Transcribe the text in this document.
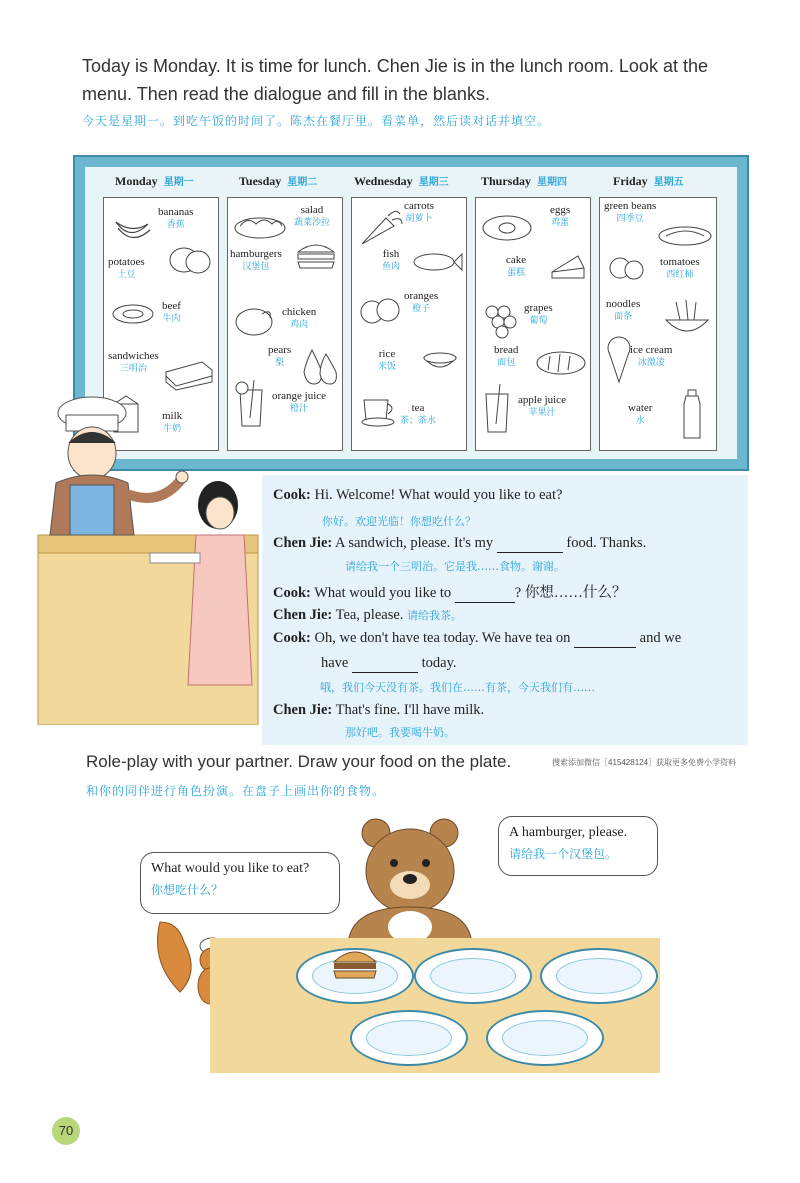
Today is Monday. It is time for lunch. Chen Jie is in the lunch room. Look at the menu. Then read the dialogue and fill in the blanks.
今天是星期一。到吃午饭的时间了。陈杰在餐厅里。看菜单，然后读对话并填空。
Monday 星期一	Tuesday 星期二	Wednesday 星期三	Thursday 星期四	Friday 星期五
bananas
香蕉
potatoes
土豆
beef
牛肉
sandwiches
三明治
milk
牛奶
salad
蔬菜沙拉
hamburgers
汉堡包
chicken
鸡肉
pears
梨
orange juice
橙汁
carrots
胡萝卜
fish
鱼肉
oranges
橙子
rice
米饭
tea
茶；茶水
eggs
鸡蛋
cake
蛋糕
grapes
葡萄
bread
面包
apple juice
苹果汁
green beans
四季豆
tomatoes
西红柿
noodles
面条
ice cream
冰激凌
water
水
Cook: Hi. Welcome! What would you like to eat?
你好。欢迎光临！你想吃什么？
Chen Jie: A sandwich, please. It's my	food. Thanks.
请给我一个三明治。它是我……食物。谢谢。
Cook: What would you like to	? 你想……什么？
Chen Jie: Tea, please. 请给我茶。
Cook: Oh, we don't have tea today. We have tea on	and we
have	today.
哦，我们今天没有茶。我们在……有茶，今天我们有……
Chen Jie: That's fine. I'll have milk.
那好吧。我要喝牛奶。
Role-play with your partner. Draw your food on the plate.	搜索添加微信［415428124］获取更多免费小学资料
和你的同伴进行角色扮演。在盘子上画出你的食物。
What would you like to eat?
你想吃什么？
A hamburger, please.
请给我一个汉堡包。
70
